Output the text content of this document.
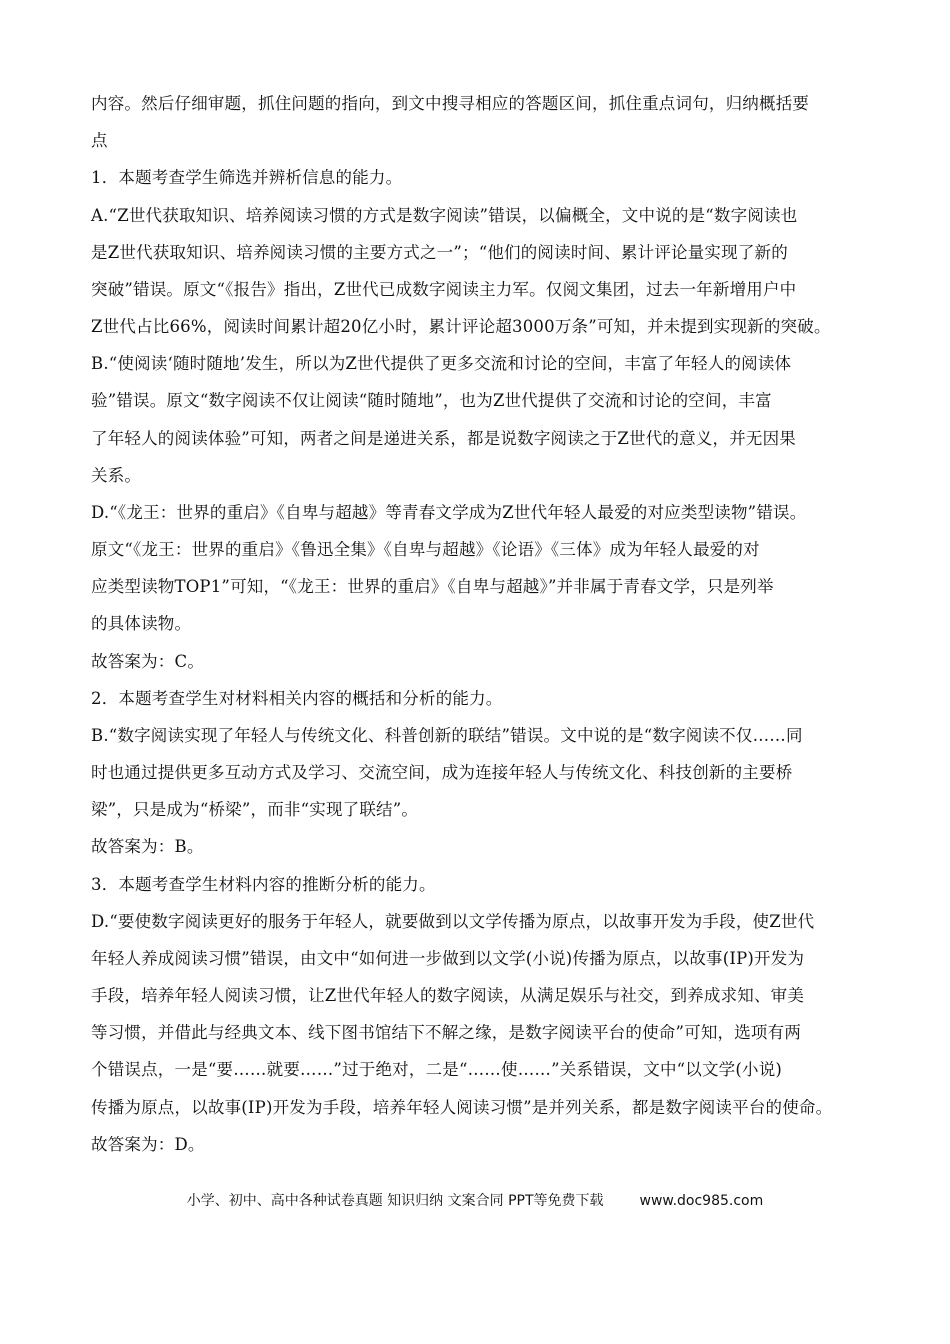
内容。然后仔细审题，抓住问题的指向，到文中搜寻相应的答题区间，抓住重点词句，归纳概括要
点
1．本题考查学生筛选并辨析信息的能力。
A.“Z世代获取知识、培养阅读习惯的方式是数字阅读”错误，以偏概全，文中说的是“数字阅读也
是Z世代获取知识、培养阅读习惯的主要方式之一”；“他们的阅读时间、累计评论量实现了新的
突破”错误。原文“《报告》指出，Z世代已成数字阅读主力军。仅阅文集团，过去一年新增用户中
Z世代占比66%，阅读时间累计超20亿小时，累计评论超3000万条”可知，并未提到实现新的突破。
B.“使阅读‘随时随地’发生，所以为Z世代提供了更多交流和讨论的空间，丰富了年轻人的阅读体
验”错误。原文“数字阅读不仅让阅读“随时随地”，也为Z世代提供了交流和讨论的空间，丰富
了年轻人的阅读体验”可知，两者之间是递进关系，都是说数字阅读之于Z世代的意义，并无因果
关系。
D.“《龙王：世界的重启》《自卑与超越》等青春文学成为Z世代年轻人最爱的对应类型读物”错误。
原文“《龙王：世界的重启》《鲁迅全集》《自卑与超越》《论语》《三体》成为年轻人最爱的对
应类型读物TOP1”可知，“《龙王：世界的重启》《自卑与超越》”并非属于青春文学，只是列举
的具体读物。
故答案为：C。
2．本题考查学生对材料相关内容的概括和分析的能力。
B.“数字阅读实现了年轻人与传统文化、科普创新的联结”错误。文中说的是“数字阅读不仅……同
时也通过提供更多互动方式及学习、交流空间，成为连接年轻人与传统文化、科技创新的主要桥
梁”，只是成为“桥梁”，而非“实现了联结”。
故答案为：B。
3．本题考查学生材料内容的推断分析的能力。
D.“要使数字阅读更好的服务于年轻人，就要做到以文学传播为原点，以故事开发为手段，使Z世代
年轻人养成阅读习惯”错误，由文中“如何进一步做到以文学(小说)传播为原点，以故事(IP)开发为
手段，培养年轻人阅读习惯，让Z世代年轻人的数字阅读，从满足娱乐与社交，到养成求知、审美
等习惯，并借此与经典文本、线下图书馆结下不解之缘，是数字阅读平台的使命”可知，选项有两
个错误点，一是“要……就要……”过于绝对，二是“……使……”关系错误，文中“以文学(小说)
传播为原点，以故事(IP)开发为手段，培养年轻人阅读习惯”是并列关系，都是数字阅读平台的使命。
故答案为：D。
小学、初中、高中各种试卷真题 知识归纳 文案合同 PPT等免费下载	www.doc985.com
